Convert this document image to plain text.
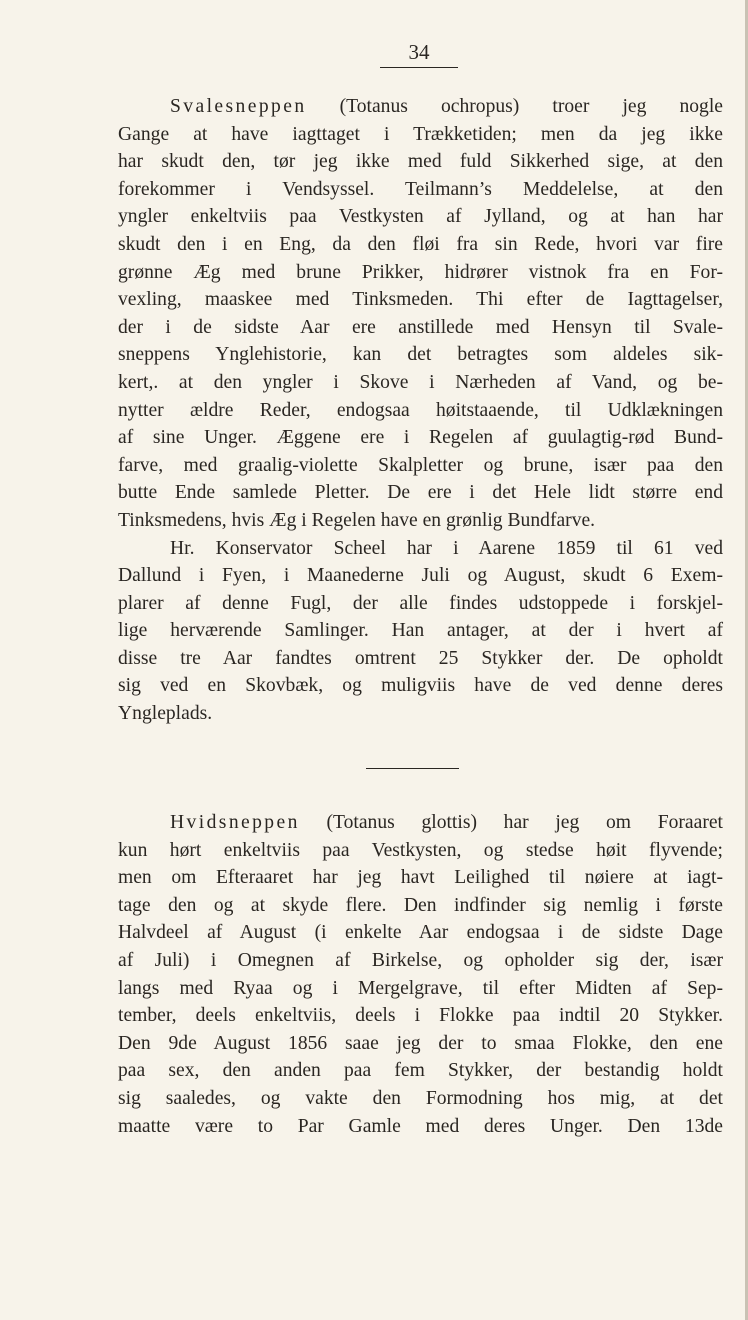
34

Svalesneppen (Totanus ochropus) troer jeg nogle
Gange at have iagttaget i Trækketiden; men da jeg ikke
har skudt den, tør jeg ikke med fuld Sikkerhed sige, at den
forekommer i Vendsyssel. Teilmann’s Meddelelse, at den
yngler enkeltviis paa Vestkysten af Jylland, og at han har
skudt den i en Eng, da den fløi fra sin Rede, hvori var fire
grønne Æg med brune Prikker, hidrører vistnok fra en For-
vexling, maaskee med Tinksmeden. Thi efter de Iagttagelser,
der i de sidste Aar ere anstillede med Hensyn til Svale-
sneppens Ynglehistorie, kan det betragtes som aldeles sik-
kert,. at den yngler i Skove i Nærheden af Vand, og be-
nytter ældre Reder, endogsaa høitstaaende, til Udklækningen
af sine Unger. Æggene ere i Regelen af guulagtig-rød Bund-
farve, med graalig-violette Skalpletter og brune, især paa den
butte Ende samlede Pletter. De ere i det Hele lidt større end
Tinksmedens, hvis Æg i Regelen have en grønlig Bundfarve.
Hr. Konservator Scheel har i Aarene 1859 til 61 ved
Dallund i Fyen, i Maanederne Juli og August, skudt 6 Exem-
plarer af denne Fugl, der alle findes udstoppede i forskjel-
lige herværende Samlinger. Han antager, at der i hvert af
disse tre Aar fandtes omtrent 25 Stykker der. De opholdt
sig ved en Skovbæk, og muligviis have de ved denne deres
Yngleplads.

Hvidsneppen (Totanus glottis) har jeg om Foraaret
kun hørt enkeltviis paa Vestkysten, og stedse høit flyvende;
men om Efteraaret har jeg havt Leilighed til nøiere at iagt-
tage den og at skyde flere. Den indfinder sig nemlig i første
Halvdeel af August (i enkelte Aar endogsaa i de sidste Dage
af Juli) i Omegnen af Birkelse, og opholder sig der, især
langs med Ryaa og i Mergelgrave, til efter Midten af Sep-
tember, deels enkeltviis, deels i Flokke paa indtil 20 Stykker.
Den 9de August 1856 saae jeg der to smaa Flokke, den ene
paa sex, den anden paa fem Stykker, der bestandig holdt
sig saaledes, og vakte den Formodning hos mig, at det
maatte være to Par Gamle med deres Unger. Den 13de
